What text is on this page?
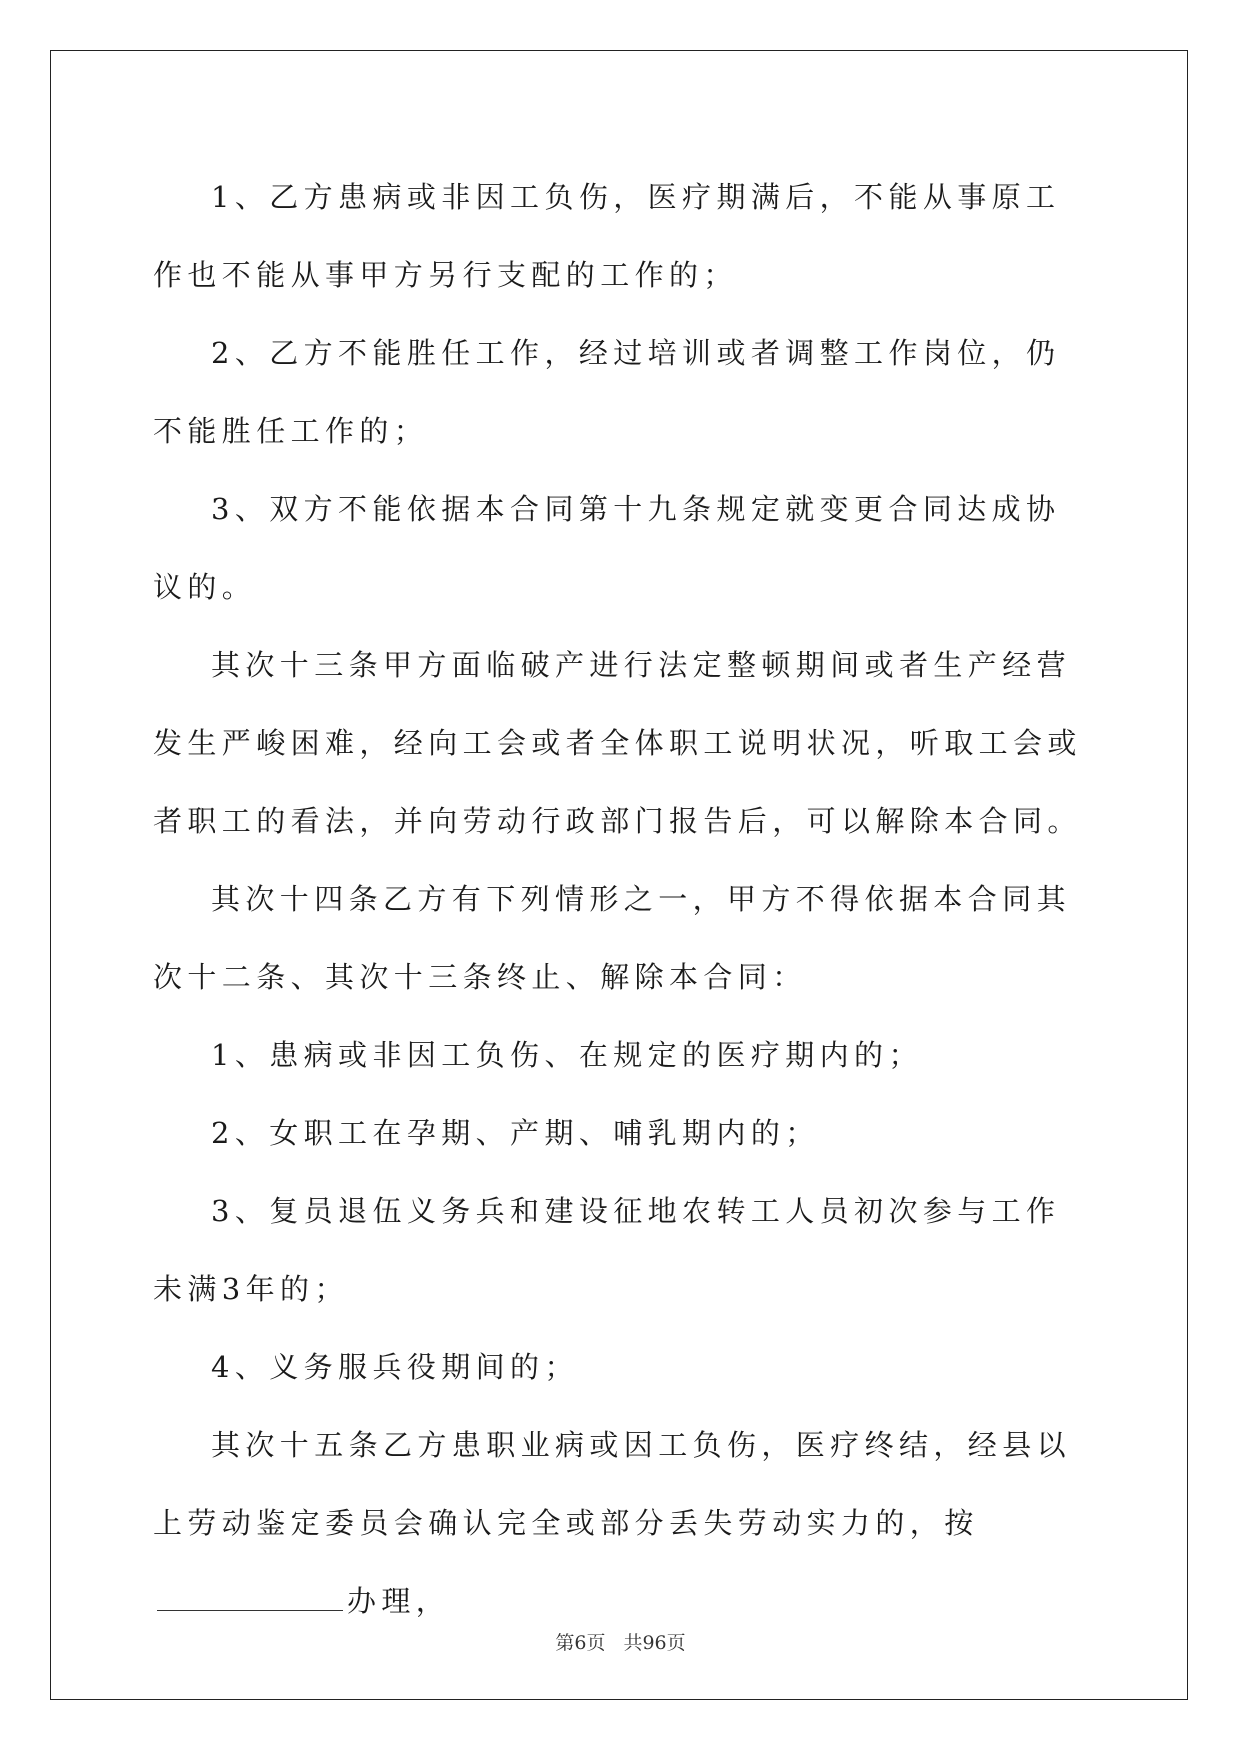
1、乙方患病或非因工负伤，医疗期满后，不能从事原工作也不能从事甲方另行支配的工作的；

2、乙方不能胜任工作，经过培训或者调整工作岗位，仍不能胜任工作的；

3、双方不能依据本合同第十九条规定就变更合同达成协议的。

其次十三条甲方面临破产进行法定整顿期间或者生产经营发生严峻困难，经向工会或者全体职工说明状况，听取工会或者职工的看法，并向劳动行政部门报告后，可以解除本合同。

其次十四条乙方有下列情形之一，甲方不得依据本合同其次十二条、其次十三条终止、解除本合同：

1、患病或非因工负伤、在规定的医疗期内的；

2、女职工在孕期、产期、哺乳期内的；

3、复员退伍义务兵和建设征地农转工人员初次参与工作未满3年的；

4、义务服兵役期间的；

其次十五条乙方患职业病或因工负伤，医疗终结，经县以上劳动鉴定委员会确认完全或部分丢失劳动实力的，按办理，

第6页 共96页
